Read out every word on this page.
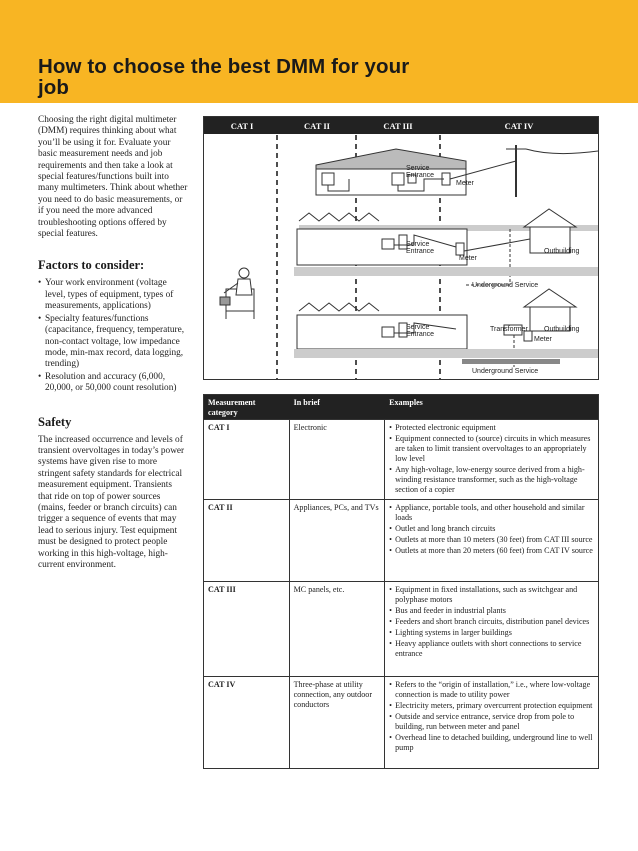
How to choose the best DMM for your job

Choosing the right digital multimeter (DMM) requires thinking about what you’ll be using it for. Evaluate your basic measurement needs and job requirements and then take a look at special features/functions built into many multimeters. Think about whether you need to do basic measurements, or if you need the more advanced troubleshooting options offered by special features.

Factors to consider:
• Your work environment (voltage level, types of equipment, types of measurements, applications)
• Specialty features/functions (capacitance, frequency, temperature, non-contact voltage, low impedance mode, min-max record, data logging, trending)
• Resolution and accuracy (6,000, 20,000, or 50,000 count resolution)
Safety

The increased occurrence and levels of transient overvoltages in today’s power systems have given rise to more stringent safety standards for electrical measurement equipment. Transients that ride on top of power sources (mains, feeder or branch circuits) can trigger a sequence of events that may lead to serious injury. Test equipment must be designed to protect people working in this high-voltage, high-current environment.

CAT I	CAT II	CAT III	CAT IV
Service
Entrance
Meter
Service
Entrance
Meter
Outbuilding
Underground Service
Service
Entrance
Transformer Outbuilding
Meter
Underground Service
Measurement
category
In brief	Examples
CAT I	Electronic	• Protected electronic equipment
• Equipment connected to (source) circuits in which measures are taken to limit transient overvoltages to an appropriately low level
• Any high-voltage, low-energy source derived from a high-winding resistance transformer, such as the high-voltage section of a copier
CAT II	Appliances, PCs, and TVs	• Appliance, portable tools, and other household and similar loads
• Outlet and long branch circuits
• Outlets at more than 10 meters (30 feet) from CAT III source
• Outlets at more than 20 meters (60 feet) from CAT IV source
CAT III	MC panels, etc.	• Equipment in fixed installations, such as switchgear and polyphase motors
• Bus and feeder in industrial plants
• Feeders and short branch circuits, distribution panel devices
• Lighting systems in larger buildings
• Heavy appliance outlets with short connections to service entrance
CAT IV	Three-phase at utility connection, any outdoor conductors
• Refers to the “origin of installation,” i.e., where low-voltage connection is made to utility power
• Electricity meters, primary overcurrent protection equipment
• Outside and service entrance, service drop from pole to building, run between meter and panel
• Overhead line to detached building, underground line to well pump
